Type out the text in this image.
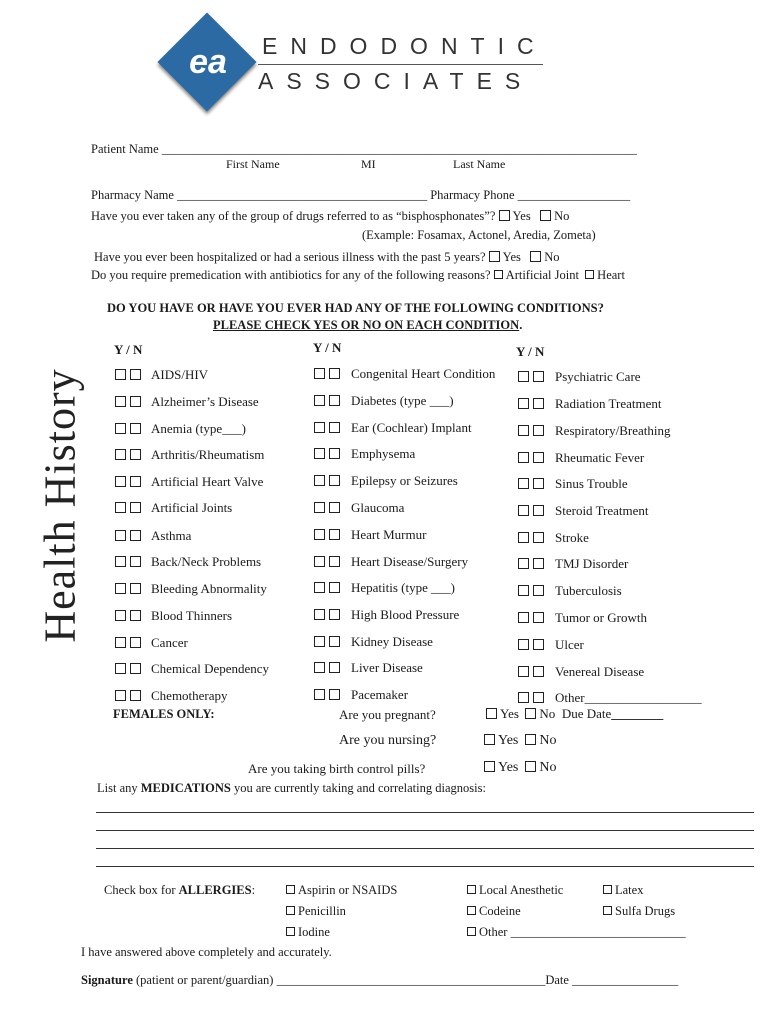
ea ENDODONTIC
ASSOCIATES
Health History
Patient Name ____________________________________________________________________________
First Name	MI	Last Name
Pharmacy Name ________________________________________ Pharmacy Phone __________________
Have you ever taken any of the group of drugs referred to as “bisphosphonates”? Yes No
(Example: Fosamax, Actonel, Aredia, Zometa)
Have you ever been hospitalized or had a serious illness with the past 5 years? Yes No
Do you require premedication with antibiotics for any of the following reasons? Artificial Joint Heart
DO YOU HAVE OR HAVE YOU EVER HAD ANY OF THE FOLLOWING CONDITIONS?
PLEASE CHECK YES OR NO ON EACH CONDITION.
Y / N	Y / N	Y / N
AIDS/HIV
Alzheimer’s Disease
Anemia (type___)
Arthritis/Rheumatism
Artificial Heart Valve
Artificial Joints
Asthma
Back/Neck Problems
Bleeding Abnormality
Blood Thinners
Cancer
Chemical Dependency
Chemotherapy
Congenital Heart Condition
Diabetes (type ___)
Ear (Cochlear) Implant
Emphysema
Epilepsy or Seizures
Glaucoma
Heart Murmur
Heart Disease/Surgery
Hepatitis (type ___)
High Blood Pressure
Kidney Disease
Liver Disease
Pacemaker
Psychiatric Care
Radiation Treatment
Respiratory/Breathing
Rheumatic Fever
Sinus Trouble
Steroid Treatment
Stroke
TMJ Disorder
Tuberculosis
Tumor or Growth
Ulcer
Venereal Disease
Other__________________
FEMALES ONLY:	Are you pregnant?	Yes No Due Date________
Are you nursing?	Yes No
Are you taking birth control pills?	Yes No
List any MEDICATIONS you are currently taking and correlating diagnosis:
Check box for ALLERGIES:	Aspirin or NSAIDS
Penicillin
Iodine
Local Anesthetic
Codeine
Other ____________________________
Latex
Sulfa Drugs
I have answered above completely and accurately.
Signature (patient or parent/guardian) ___________________________________________Date _________________
